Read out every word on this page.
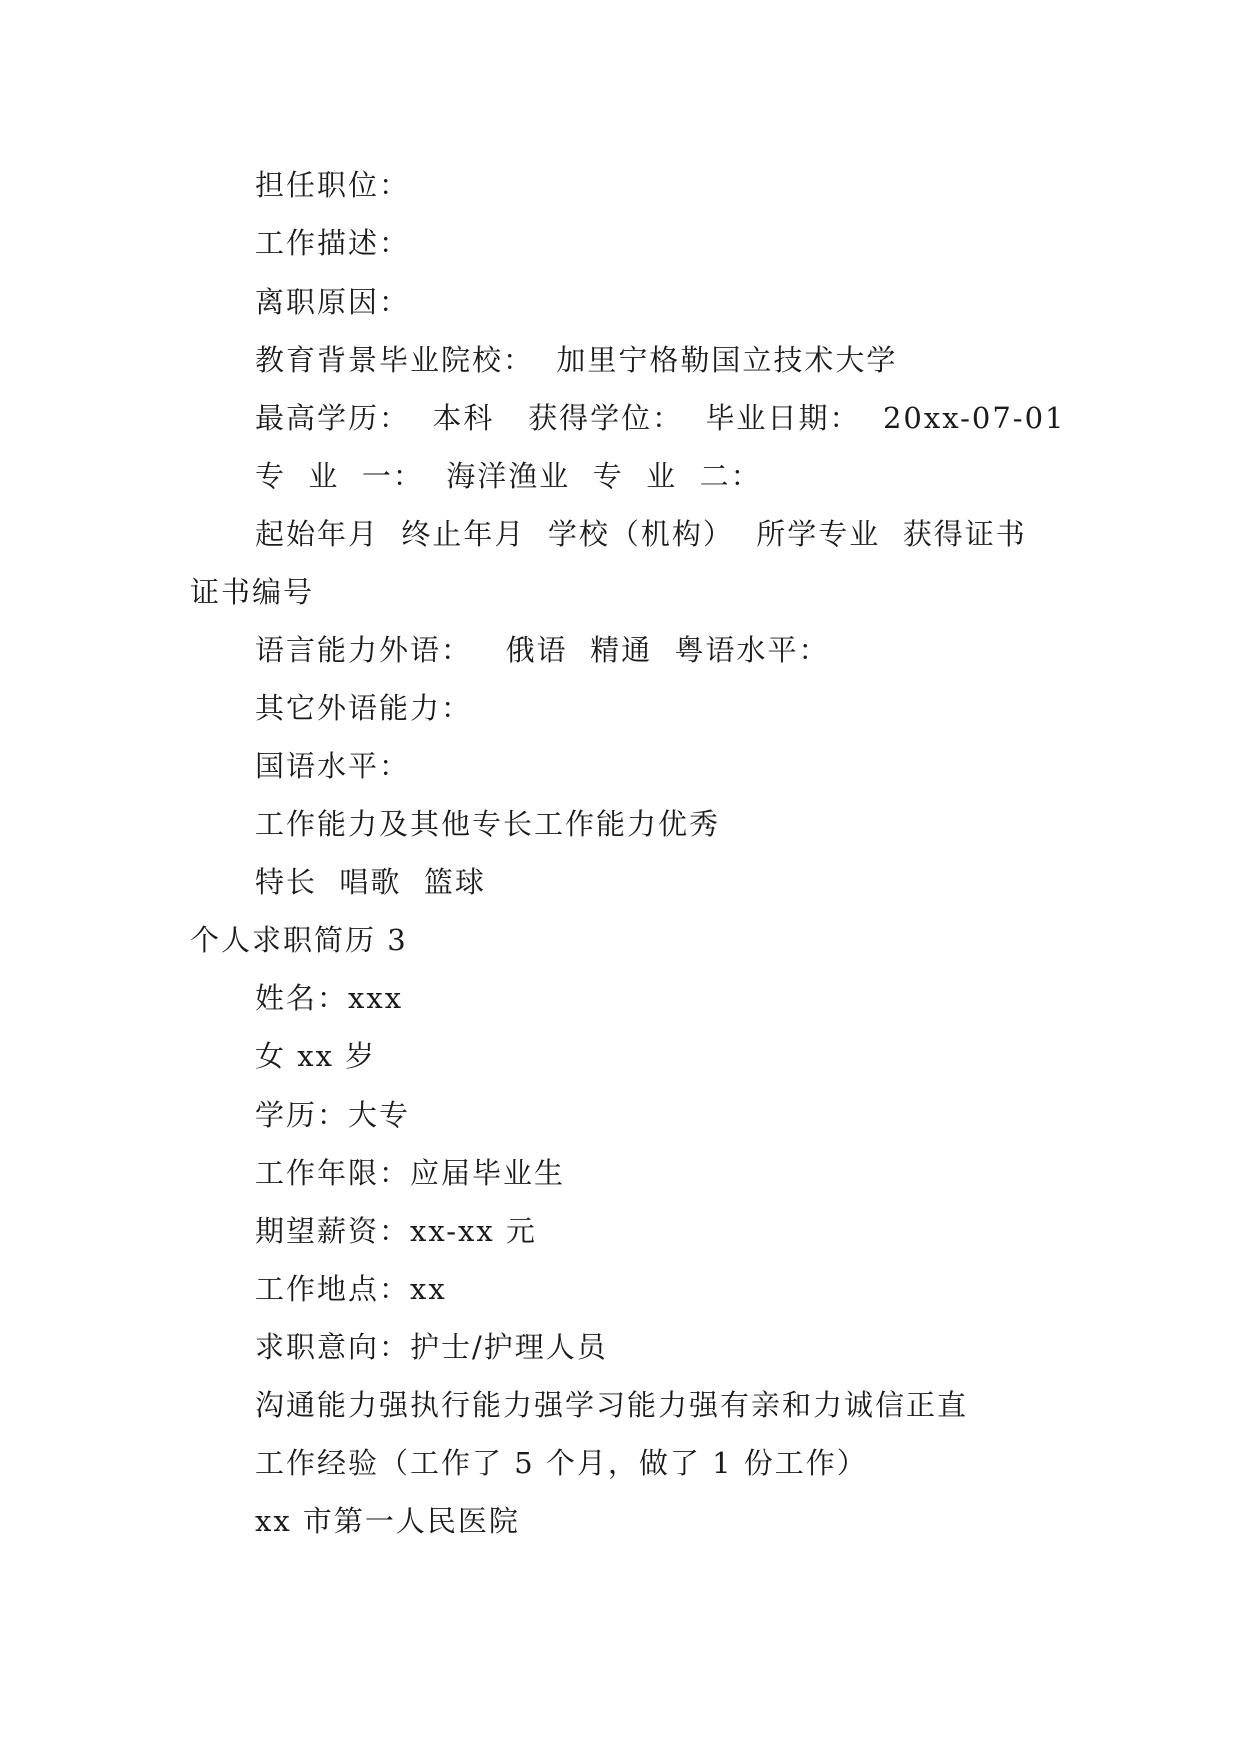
担任职位：
工作描述：
离职原因：
教育背景毕业院校：  加里宁格勒国立技术大学
最高学历：  本科   获得学位：  毕业日期：  20xx-07-01
专  业  一：  海洋渔业  专  业  二：
起始年月  终止年月  学校（机构）  所学专业  获得证书
证书编号
语言能力外语：   俄语  精通  粤语水平：
其它外语能力：
国语水平：
工作能力及其他专长工作能力优秀
特长  唱歌  篮球
个人求职简历 3
姓名：xxx
女 xx 岁
学历：大专
工作年限：应届毕业生
期望薪资：xx-xx 元
工作地点：xx
求职意向：护士/护理人员
沟通能力强执行能力强学习能力强有亲和力诚信正直
工作经验（工作了 5 个月，做了 1 份工作）
xx 市第一人民医院
